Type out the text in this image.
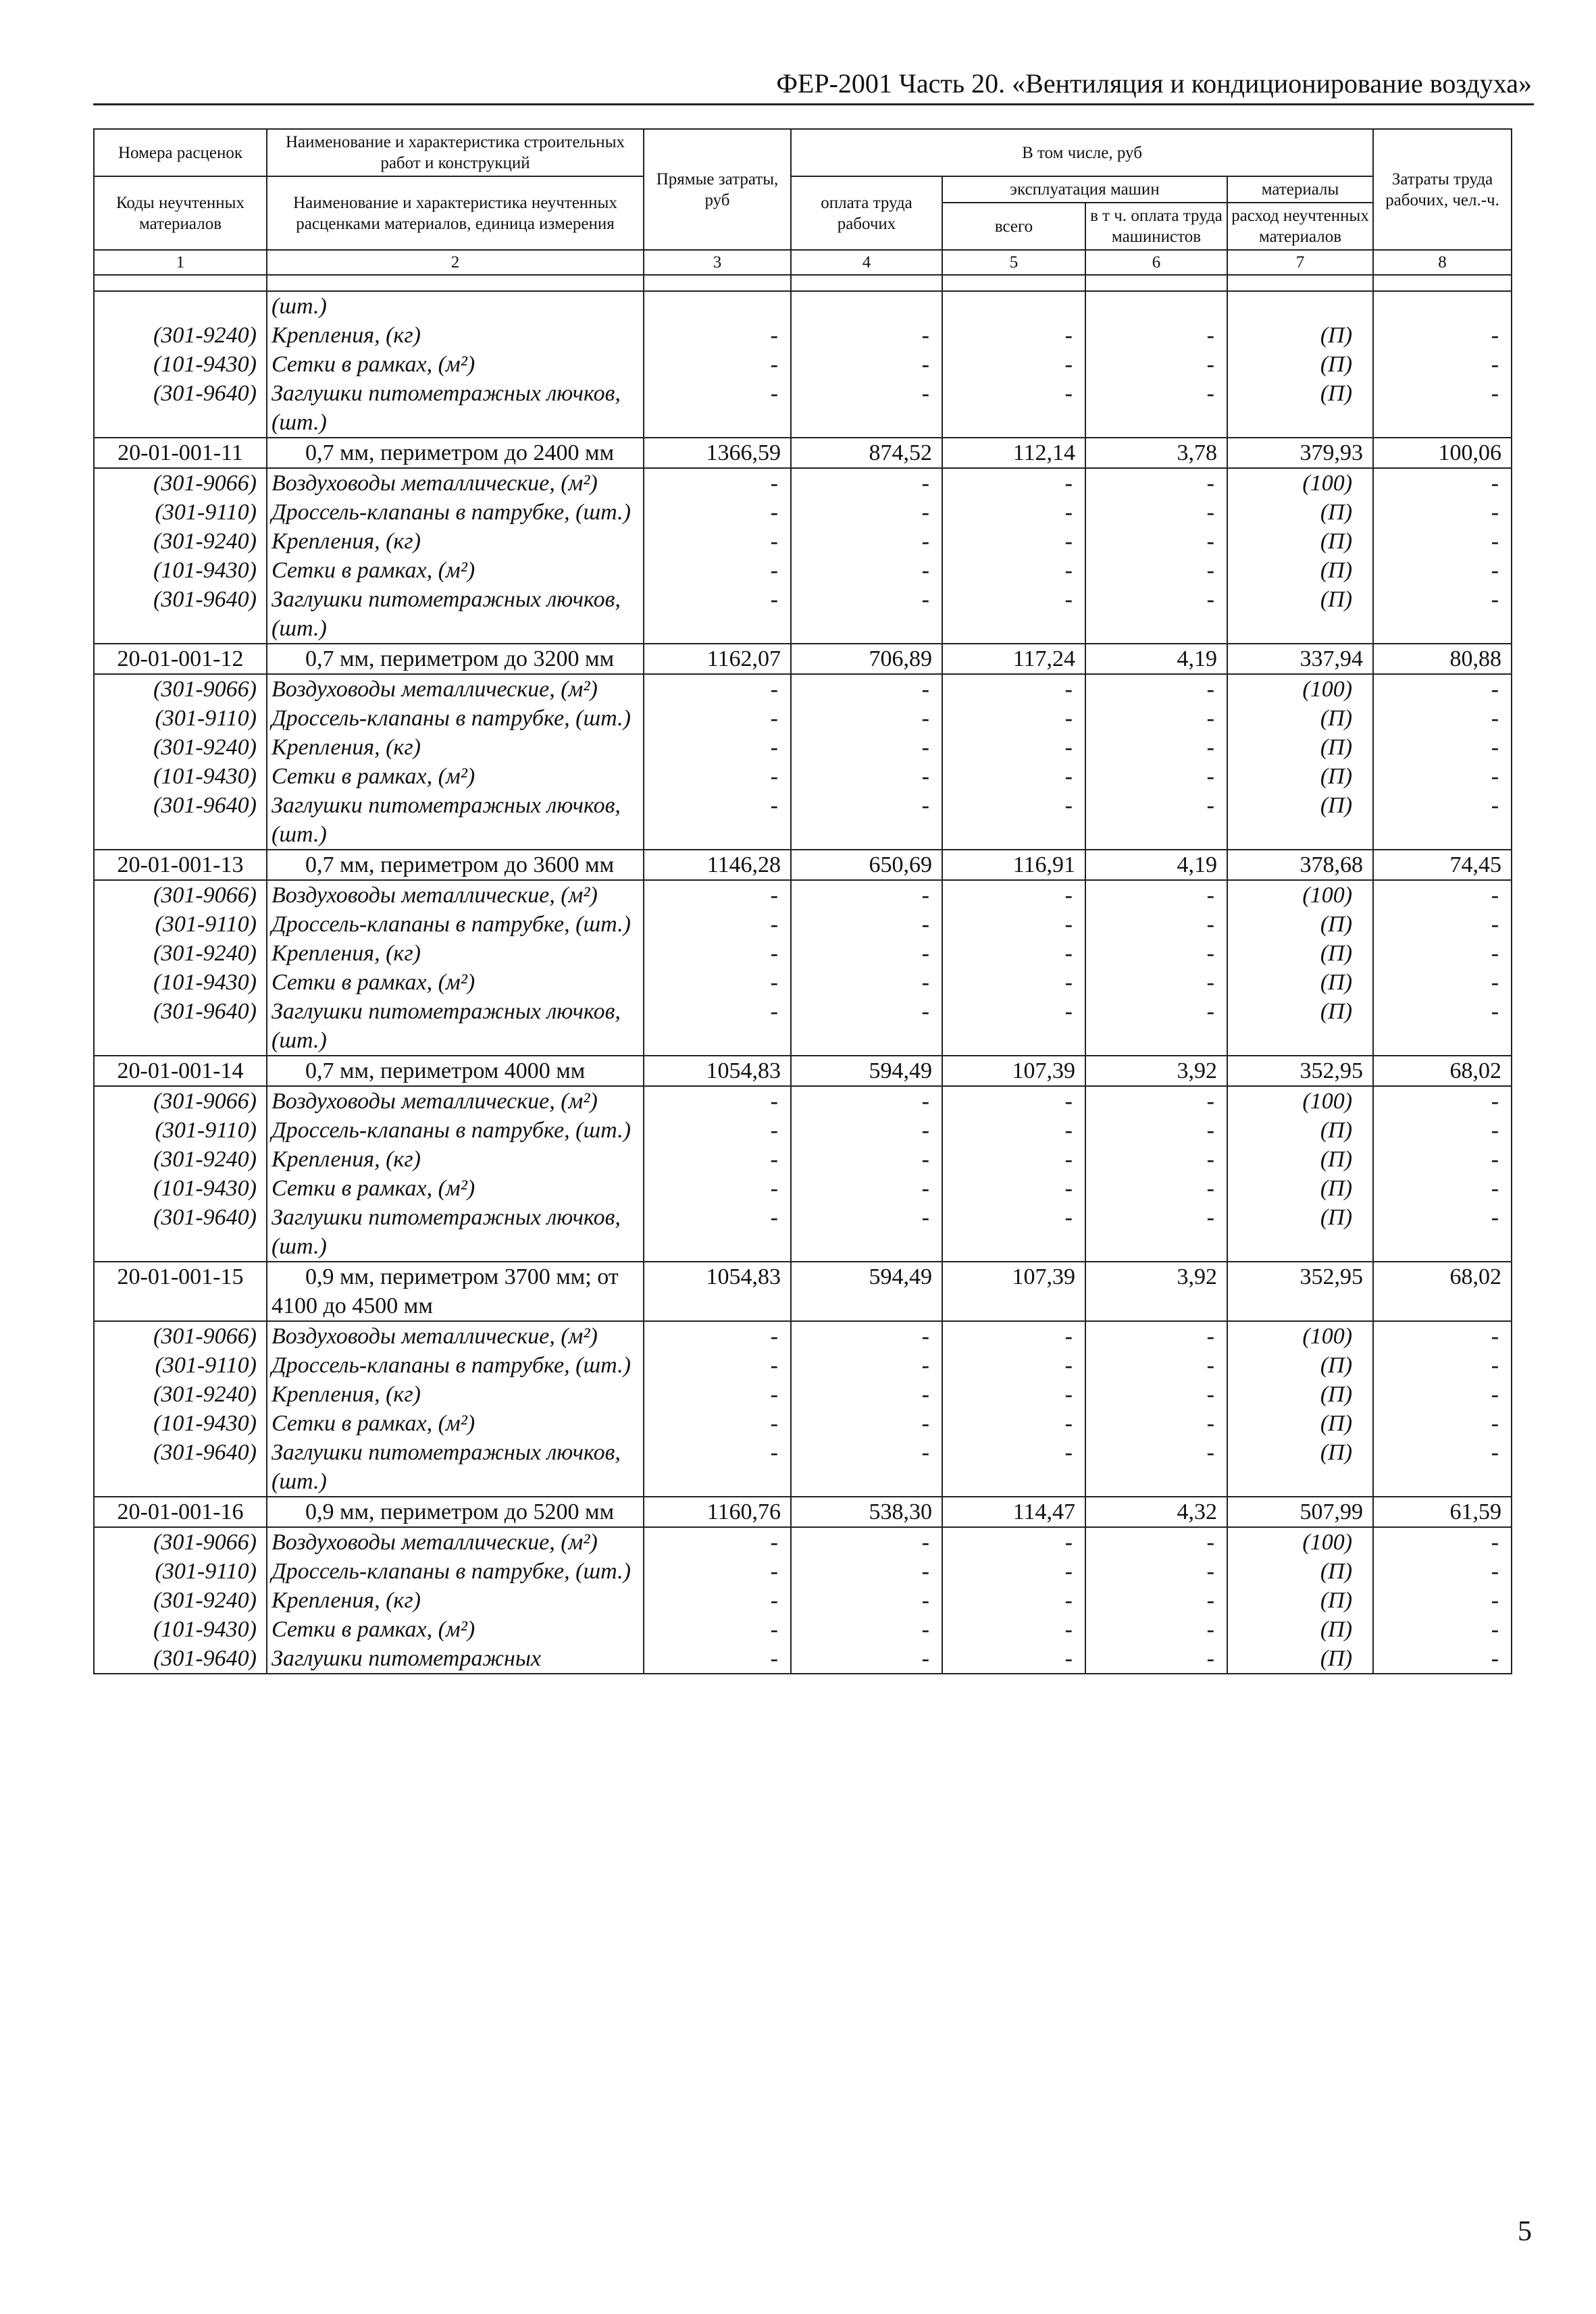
ФЕР-2001 Часть 20. «Вентиляция и кондиционирование воздуха»
Номера расценок	Наименование и характеристика строительных работ и конструкций	Прямые затраты, руб	В том числе, руб				Затраты труда рабочих, чел.-ч.
Коды неучтенных материалов	Наименование и характеристика неучтенных расценками материалов, единица измерения		оплата труда рабочих	эксплуатация машин		материалы	
				всего	в т ч. оплата труда машинистов	расход неучтенных материалов	
1	2	3	4	5	6	7	8

	(шт.)						
(301-9240)	Крепления, (кг)	-	-	-	-	(П)	-
(101-9430)	Сетки в рамках, (м²)	-	-	-	-	(П)	-
(301-9640)	Заглушки питометражных лючков, (шт.)	-	-	-	-	(П)	-
20-01-001-11	0,7 мм, периметром до 2400 мм	1366,59	874,52	112,14	3,78	379,93	100,06
(301-9066)	Воздуховоды металлические, (м²)	-	-	-	-	(100)	-
(301-9110)	Дроссель-клапаны в патрубке, (шт.)	-	-	-	-	(П)	-
(301-9240)	Крепления, (кг)	-	-	-	-	(П)	-
(101-9430)	Сетки в рамках, (м²)	-	-	-	-	(П)	-
(301-9640)	Заглушки питометражных лючков, (шт.)	-	-	-	-	(П)	-
20-01-001-12	0,7 мм, периметром до 3200 мм	1162,07	706,89	117,24	4,19	337,94	80,88
(301-9066)	Воздуховоды металлические, (м²)	-	-	-	-	(100)	-
(301-9110)	Дроссель-клапаны в патрубке, (шт.)	-	-	-	-	(П)	-
(301-9240)	Крепления, (кг)	-	-	-	-	(П)	-
(101-9430)	Сетки в рамках, (м²)	-	-	-	-	(П)	-
(301-9640)	Заглушки питометражных лючков, (шт.)	-	-	-	-	(П)	-
20-01-001-13	0,7 мм, периметром до 3600 мм	1146,28	650,69	116,91	4,19	378,68	74,45
(301-9066)	Воздуховоды металлические, (м²)	-	-	-	-	(100)	-
(301-9110)	Дроссель-клапаны в патрубке, (шт.)	-	-	-	-	(П)	-
(301-9240)	Крепления, (кг)	-	-	-	-	(П)	-
(101-9430)	Сетки в рамках, (м²)	-	-	-	-	(П)	-
(301-9640)	Заглушки питометражных лючков, (шт.)	-	-	-	-	(П)	-
20-01-001-14	0,7 мм, периметром 4000 мм	1054,83	594,49	107,39	3,92	352,95	68,02
(301-9066)	Воздуховоды металлические, (м²)	-	-	-	-	(100)	-
(301-9110)	Дроссель-клапаны в патрубке, (шт.)	-	-	-	-	(П)	-
(301-9240)	Крепления, (кг)	-	-	-	-	(П)	-
(101-9430)	Сетки в рамках, (м²)	-	-	-	-	(П)	-
(301-9640)	Заглушки питометражных лючков, (шт.)	-	-	-	-	(П)	-
20-01-001-15	0,9 мм, периметром 3700 мм; от 4100 до 4500 мм	1054,83	594,49	107,39	3,92	352,95	68,02
(301-9066)	Воздуховоды металлические, (м²)	-	-	-	-	(100)	-
(301-9110)	Дроссель-клапаны в патрубке, (шт.)	-	-	-	-	(П)	-
(301-9240)	Крепления, (кг)	-	-	-	-	(П)	-
(101-9430)	Сетки в рамках, (м²)	-	-	-	-	(П)	-
(301-9640)	Заглушки питометражных лючков, (шт.)	-	-	-	-	(П)	-
20-01-001-16	0,9 мм, периметром до 5200 мм	1160,76	538,30	114,47	4,32	507,99	61,59
(301-9066)	Воздуховоды металлические, (м²)	-	-	-	-	(100)	-
(301-9110)	Дроссель-клапаны в патрубке, (шт.)	-	-	-	-	(П)	-
(301-9240)	Крепления, (кг)	-	-	-	-	(П)	-
(101-9430)	Сетки в рамках, (м²)	-	-	-	-	(П)	-
(301-9640)	Заглушки питометражных	-	-	-	-	(П)	-
5
